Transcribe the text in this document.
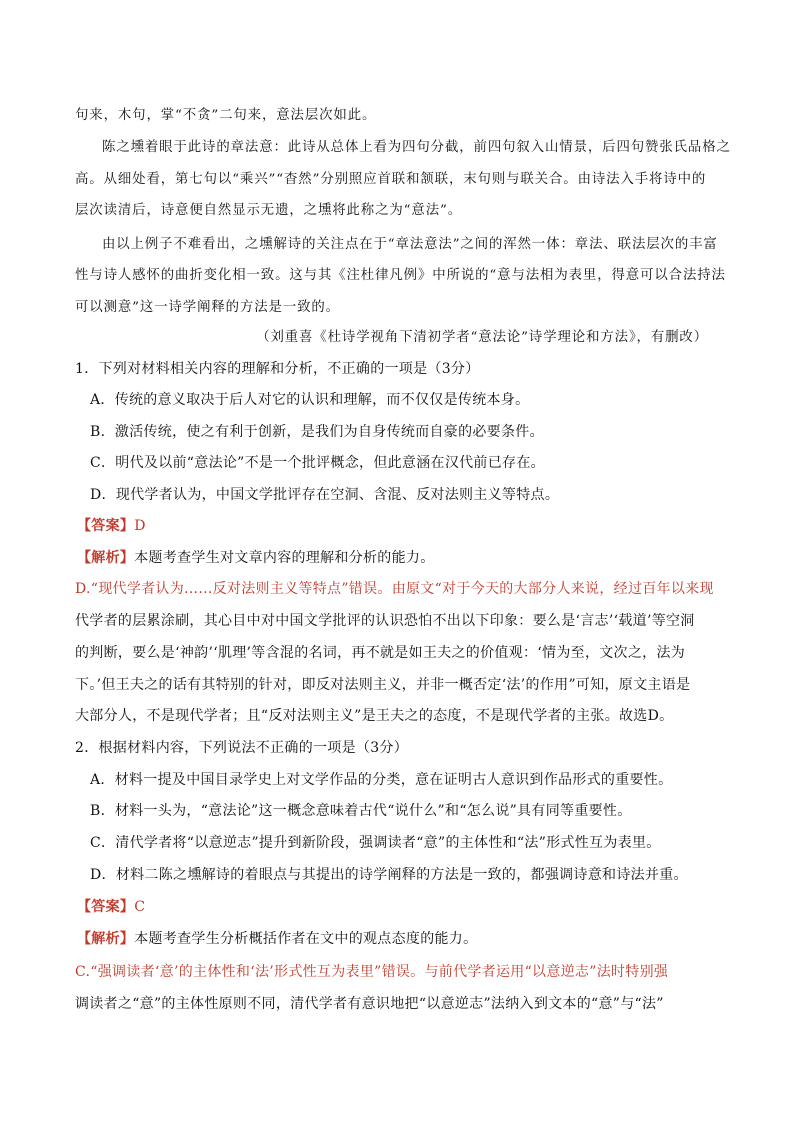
句来，木句，掌“不贪”二句来，意法层次如此。
陈之壎着眼于此诗的章法意：此诗从总体上看为四句分截，前四句叙入山情景，后四句赞张氏品格之
高。从细处看，第七句以“乘兴”“杳然”分别照应首联和颔联，末句则与联关合。由诗法入手将诗中的
层次读清后，诗意便自然显示无遗，之壎将此称之为“意法”。
由以上例子不难看出，之壎解诗的关注点在于“章法意法”之间的浑然一体：章法、联法层次的丰富
性与诗人感怀的曲折变化相一致。这与其《注杜律凡例》中所说的“意与法相为表里，得意可以合法持法
可以测意”这一诗学阐释的方法是一致的。
（刘重喜《杜诗学视角下清初学者“意法论”诗学理论和方法》，有删改）
1．下列对材料相关内容的理解和分析，不正确的一项是（3分）
A．传统的意义取决于后人对它的认识和理解，而不仅仅是传统本身。
B．激活传统，使之有利于创新，是我们为自身传统而自豪的必要条件。
C．明代及以前“意法论”不是一个批评概念，但此意涵在汉代前已存在。
D．现代学者认为，中国文学批评存在空洞、含混、反对法则主义等特点。
【答案】D
【解析】本题考查学生对文章内容的理解和分析的能力。
D.“现代学者认为……反对法则主义等特点”错误。由原文“对于今天的大部分人来说，经过百年以来现
代学者的层累涂刷，其心目中对中国文学批评的认识恐怕不出以下印象：要么是‘言志’‘载道’等空洞
的判断，要么是‘神韵’‘肌理’等含混的名词，再不就是如王夫之的价值观：‘情为至，文次之，法为
下。’但王夫之的话有其特别的针对，即反对法则主义，并非一概否定‘法’的作用”可知，原文主语是
大部分人，不是现代学者；且“反对法则主义”是王夫之的态度，不是现代学者的主张。故选D。
2．根据材料内容，下列说法不正确的一项是（3分）
A．材料一提及中国目录学史上对文学作品的分类，意在证明古人意识到作品形式的重要性。
B．材料一头为，“意法论”这一概念意味着古代“说什么”和“怎么说”具有同等重要性。
C．清代学者将“以意逆志”提升到新阶段，强调读者“意”的主体性和“法”形式性互为表里。
D．材料二陈之壎解诗的着眼点与其提出的诗学阐释的方法是一致的，都强调诗意和诗法并重。
【答案】C
【解析】本题考查学生分析概括作者在文中的观点态度的能力。
C.“强调读者‘意’的主体性和‘法’形式性互为表里”错误。与前代学者运用“以意逆志”法时特别强
调读者之“意”的主体性原则不同，清代学者有意识地把“以意逆志”法纳入到文本的“意”与“法”
